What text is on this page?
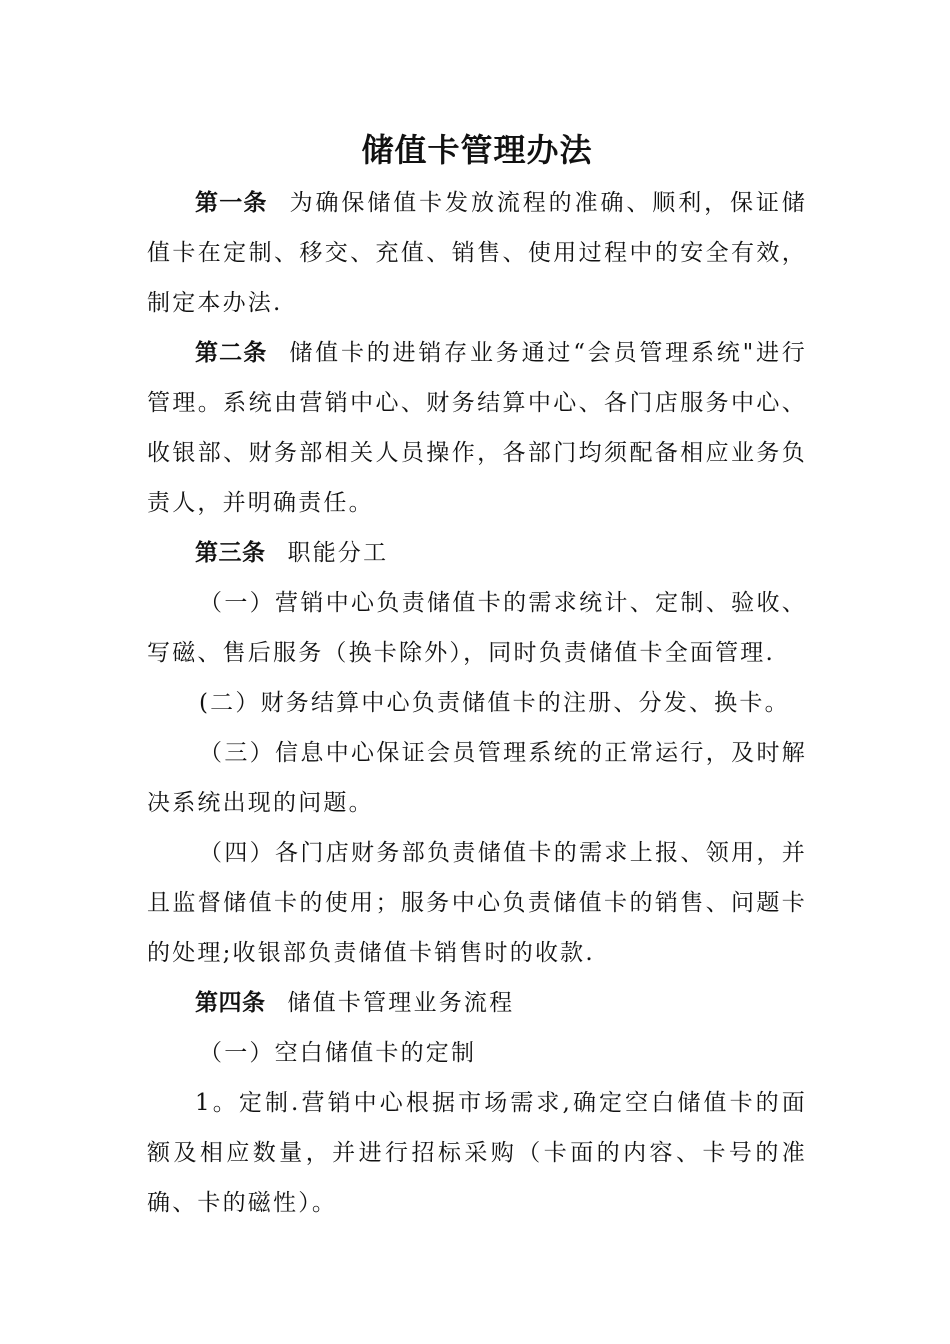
储值卡管理办法

第一条 为确保储值卡发放流程的准确、顺利，保证储值卡在定制、移交、充值、销售、使用过程中的安全有效，制定本办法.

第二条 储值卡的进销存业务通过“会员管理系统"进行管理。系统由营销中心、财务结算中心、各门店服务中心、收银部、财务部相关人员操作，各部门均须配备相应业务负责人，并明确责任。

第三条 职能分工

（一）营销中心负责储值卡的需求统计、定制、验收、写磁、售后服务（换卡除外），同时负责储值卡全面管理.

(二）财务结算中心负责储值卡的注册、分发、换卡。

（三）信息中心保证会员管理系统的正常运行，及时解决系统出现的问题。

（四）各门店财务部负责储值卡的需求上报、领用，并且监督储值卡的使用；服务中心负责储值卡的销售、问题卡的处理;收银部负责储值卡销售时的收款.

第四条 储值卡管理业务流程

（一）空白储值卡的定制

1。定制.营销中心根据市场需求,确定空白储值卡的面额及相应数量，并进行招标采购（卡面的内容、卡号的准确、卡的磁性）。
